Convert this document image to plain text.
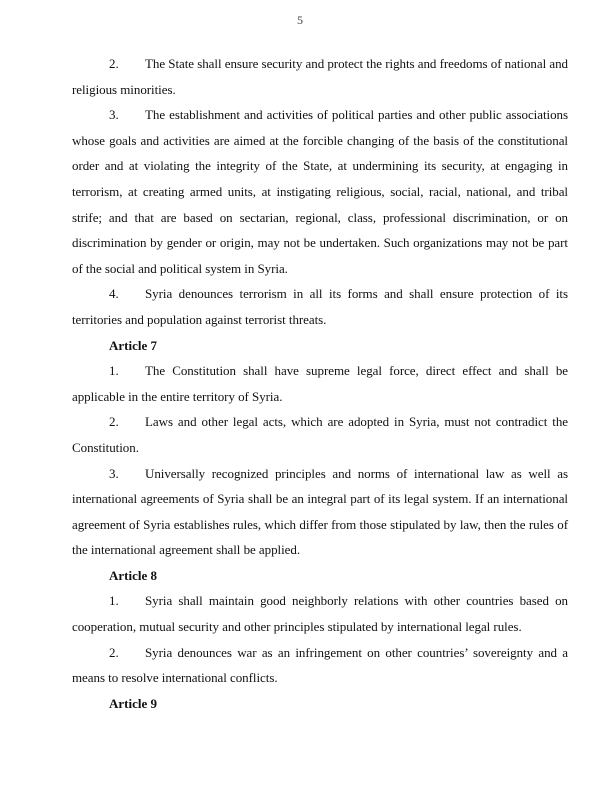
5

2. The State shall ensure security and protect the rights and freedoms of national and religious minorities.

3. The establishment and activities of political parties and other public associations whose goals and activities are aimed at the forcible changing of the basis of the constitutional order and at violating the integrity of the State, at undermining its security, at engaging in terrorism, at creating armed units, at instigating religious, social, racial, national, and tribal strife; and that are based on sectarian, regional, class, professional discrimination, or on discrimination by gender or origin, may not be undertaken. Such organizations may not be part of the social and political system in Syria.

4. Syria denounces terrorism in all its forms and shall ensure protection of its territories and population against terrorist threats.

Article 7

1. The Constitution shall have supreme legal force, direct effect and shall be applicable in the entire territory of Syria.

2. Laws and other legal acts, which are adopted in Syria, must not contradict the Constitution.

3. Universally recognized principles and norms of international law as well as international agreements of Syria shall be an integral part of its legal system. If an international agreement of Syria establishes rules, which differ from those stipulated by law, then the rules of the international agreement shall be applied.

Article 8

1. Syria shall maintain good neighborly relations with other countries based on cooperation, mutual security and other principles stipulated by international legal rules.

2. Syria denounces war as an infringement on other countries’ sovereignty and a means to resolve international conflicts.

Article 9
